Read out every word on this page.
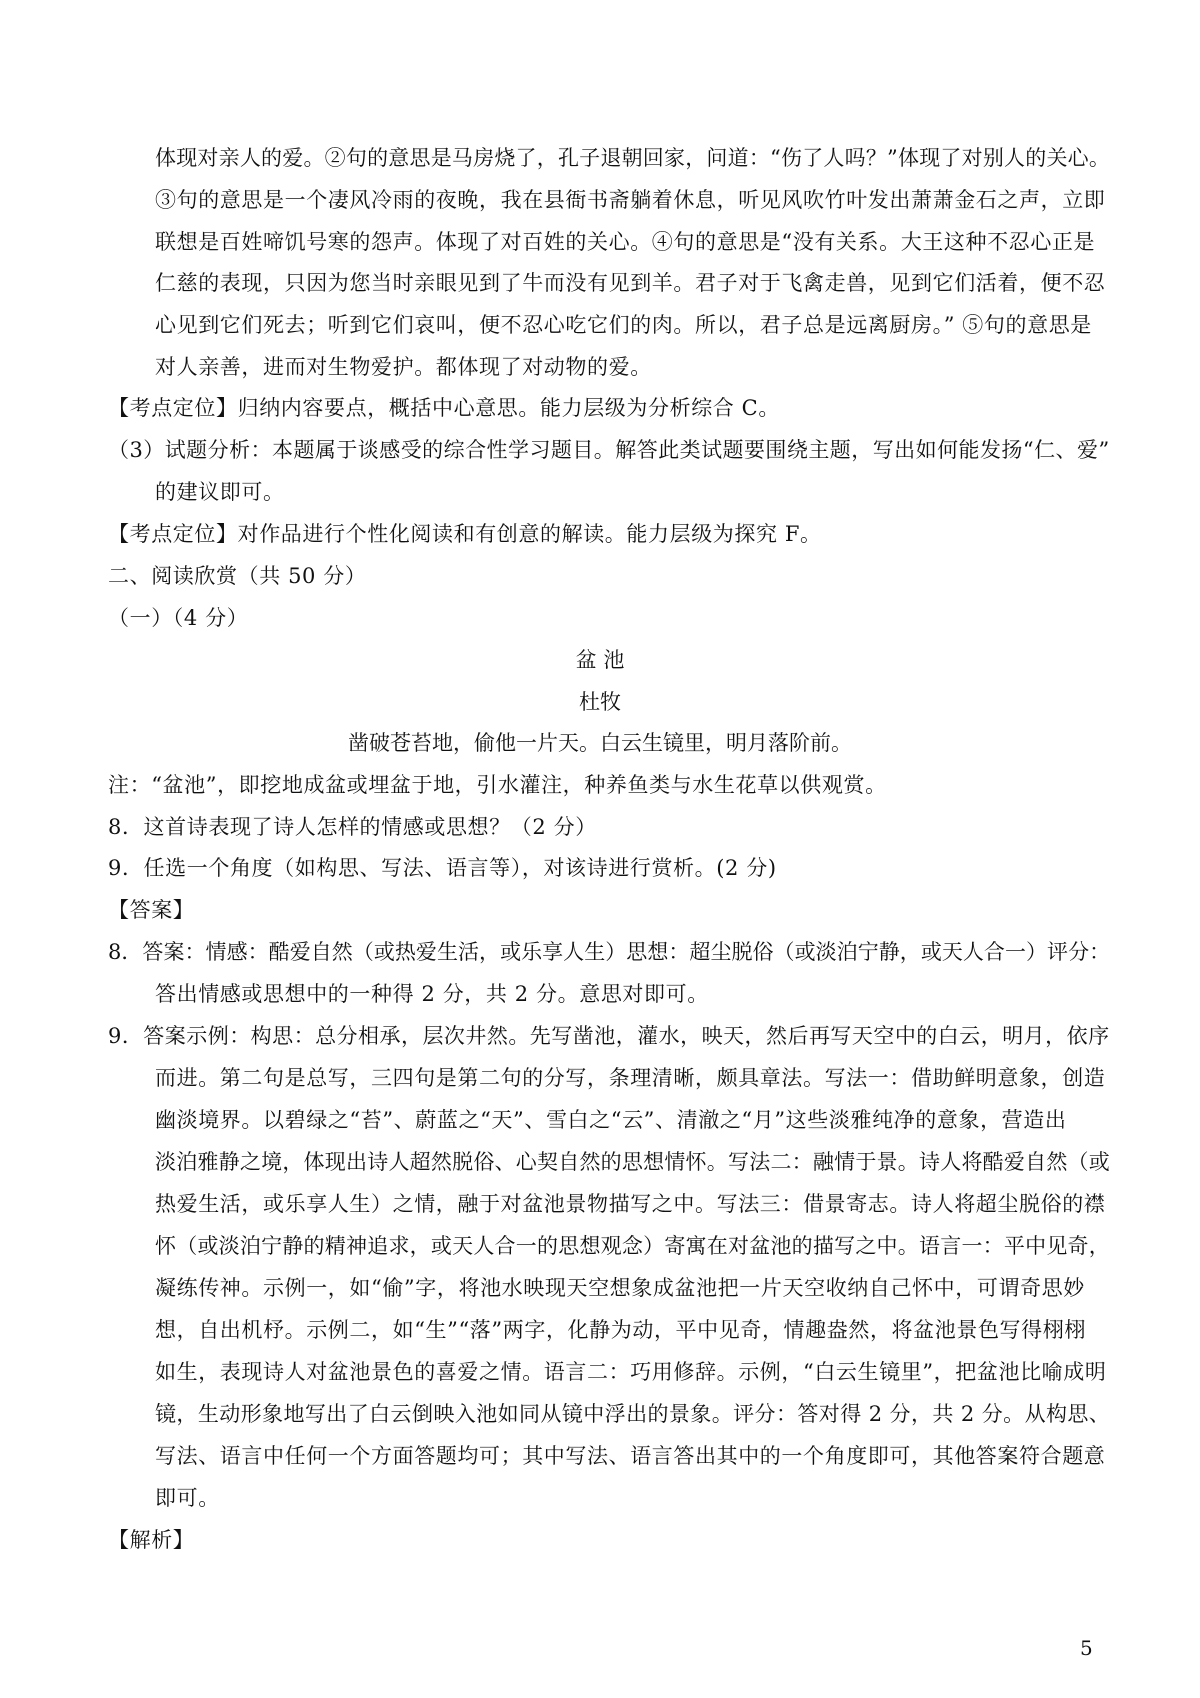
体现对亲人的爱。②句的意思是马房烧了，孔子退朝回家，问道：“伤了人吗？”体现了对别人的关心。
③句的意思是一个凄风冷雨的夜晚，我在县衙书斋躺着休息，听见风吹竹叶发出萧萧金石之声，立即
联想是百姓啼饥号寒的怨声。体现了对百姓的关心。④句的意思是“没有关系。大王这种不忍心正是
仁慈的表现，只因为您当时亲眼见到了牛而没有见到羊。君子对于飞禽走兽，见到它们活着，便不忍
心见到它们死去；听到它们哀叫，便不忍心吃它们的肉。所以，君子总是远离厨房。” ⑤句的意思是
对人亲善，进而对生物爱护。都体现了对动物的爱。
【考点定位】归纳内容要点，概括中心意思。能力层级为分析综合 C。
（3）试题分析：本题属于谈感受的综合性学习题目。解答此类试题要围绕主题，写出如何能发扬“仁、爱”
的建议即可。
【考点定位】对作品进行个性化阅读和有创意的解读。能力层级为探究 F。
二、阅读欣赏（共 50 分）
（一）（4 分）
盆 池
杜牧
凿破苍苔地，偷他一片天。白云生镜里，明月落阶前。
注：“盆池”，即挖地成盆或埋盆于地，引水灌注，种养鱼类与水生花草以供观赏。
8．这首诗表现了诗人怎样的情感或思想？（2 分）
9．任选一个角度（如构思、写法、语言等），对该诗进行赏析。(2 分)
【答案】
8．答案：情感：酷爱自然（或热爱生活，或乐享人生）思想：超尘脱俗（或淡泊宁静，或天人合一）评分：
答出情感或思想中的一种得 2 分，共 2 分。意思对即可。
9．答案示例：构思：总分相承，层次井然。先写凿池，灌水，映天，然后再写天空中的白云，明月，依序
而进。第二句是总写，三四句是第二句的分写，条理清晰，颇具章法。写法一：借助鲜明意象，创造
幽淡境界。以碧绿之“苔”、蔚蓝之“天”、雪白之“云”、清澈之“月”这些淡雅纯净的意象，营造出
淡泊雅静之境，体现出诗人超然脱俗、心契自然的思想情怀。写法二：融情于景。诗人将酷爱自然（或
热爱生活，或乐享人生）之情，融于对盆池景物描写之中。写法三：借景寄志。诗人将超尘脱俗的襟
怀（或淡泊宁静的精神追求，或天人合一的思想观念）寄寓在对盆池的描写之中。语言一：平中见奇，
凝练传神。示例一，如“偷”字，将池水映现天空想象成盆池把一片天空收纳自己怀中，可谓奇思妙
想，自出机杼。示例二，如“生”“落”两字，化静为动，平中见奇，情趣盎然，将盆池景色写得栩栩
如生，表现诗人对盆池景色的喜爱之情。语言二：巧用修辞。示例，“白云生镜里”，把盆池比喻成明
镜，生动形象地写出了白云倒映入池如同从镜中浮出的景象。评分：答对得 2 分，共 2 分。从构思、
写法、语言中任何一个方面答题均可；其中写法、语言答出其中的一个角度即可，其他答案符合题意
即可。
【解析】
5
